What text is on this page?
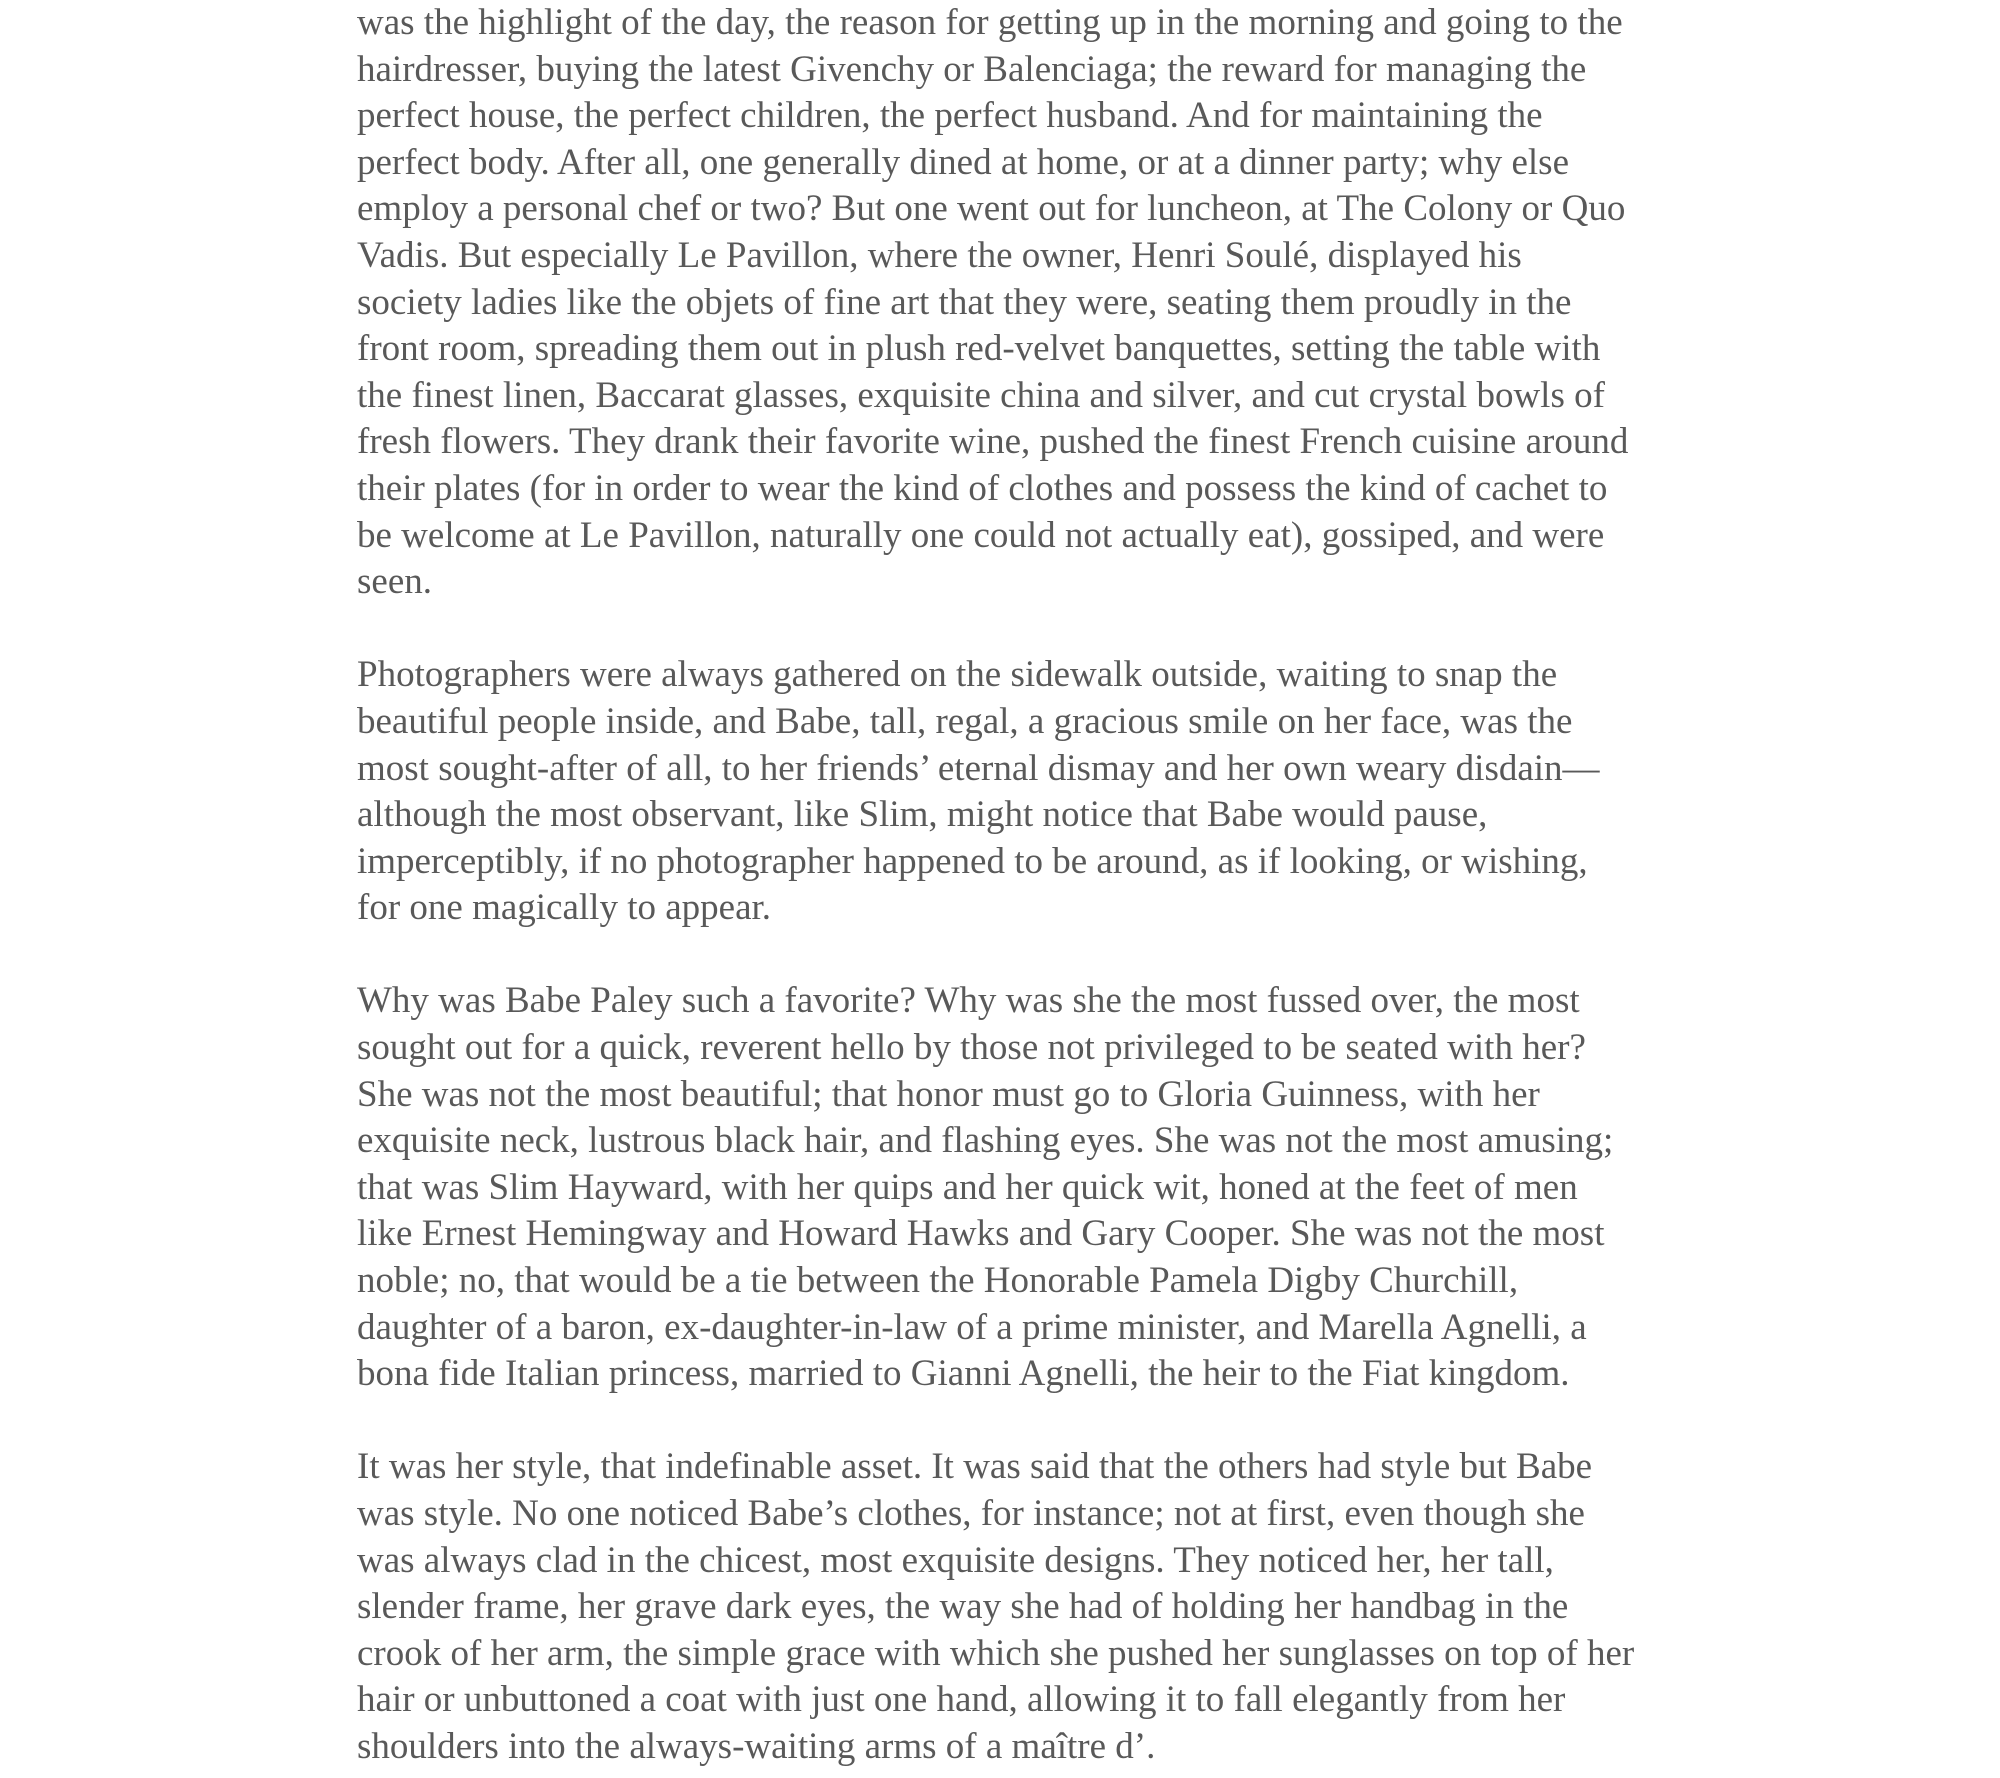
was the highlight of the day, the reason for getting up in the morning and going to the
hairdresser, buying the latest Givenchy or Balenciaga; the reward for managing the
perfect house, the perfect children, the perfect husband. And for maintaining the
perfect body. After all, one generally dined at home, or at a dinner party; why else
employ a personal chef or two? But one went out for luncheon, at The Colony or Quo
Vadis. But especially Le Pavillon, where the owner, Henri Soulé, displayed his
society ladies like the objets of fine art that they were, seating them proudly in the
front room, spreading them out in plush red-velvet banquettes, setting the table with
the finest linen, Baccarat glasses, exquisite china and silver, and cut crystal bowls of
fresh flowers. They drank their favorite wine, pushed the finest French cuisine around
their plates (for in order to wear the kind of clothes and possess the kind of cachet to
be welcome at Le Pavillon, naturally one could not actually eat), gossiped, and were
seen.
Photographers were always gathered on the sidewalk outside, waiting to snap the
beautiful people inside, and Babe, tall, regal, a gracious smile on her face, was the
most sought-after of all, to her friends’ eternal dismay and her own weary disdain—
although the most observant, like Slim, might notice that Babe would pause,
imperceptibly, if no photographer happened to be around, as if looking, or wishing,
for one magically to appear.
Why was Babe Paley such a favorite? Why was she the most fussed over, the most
sought out for a quick, reverent hello by those not privileged to be seated with her?
She was not the most beautiful; that honor must go to Gloria Guinness, with her
exquisite neck, lustrous black hair, and flashing eyes. She was not the most amusing;
that was Slim Hayward, with her quips and her quick wit, honed at the feet of men
like Ernest Hemingway and Howard Hawks and Gary Cooper. She was not the most
noble; no, that would be a tie between the Honorable Pamela Digby Churchill,
daughter of a baron, ex-daughter-in-law of a prime minister, and Marella Agnelli, a
bona fide Italian princess, married to Gianni Agnelli, the heir to the Fiat kingdom.
It was her style, that indefinable asset. It was said that the others had style but Babe
was style. No one noticed Babe’s clothes, for instance; not at first, even though she
was always clad in the chicest, most exquisite designs. They noticed her, her tall,
slender frame, her grave dark eyes, the way she had of holding her handbag in the
crook of her arm, the simple grace with which she pushed her sunglasses on top of her
hair or unbuttoned a coat with just one hand, allowing it to fall elegantly from her
shoulders into the always-waiting arms of a maître d’.
